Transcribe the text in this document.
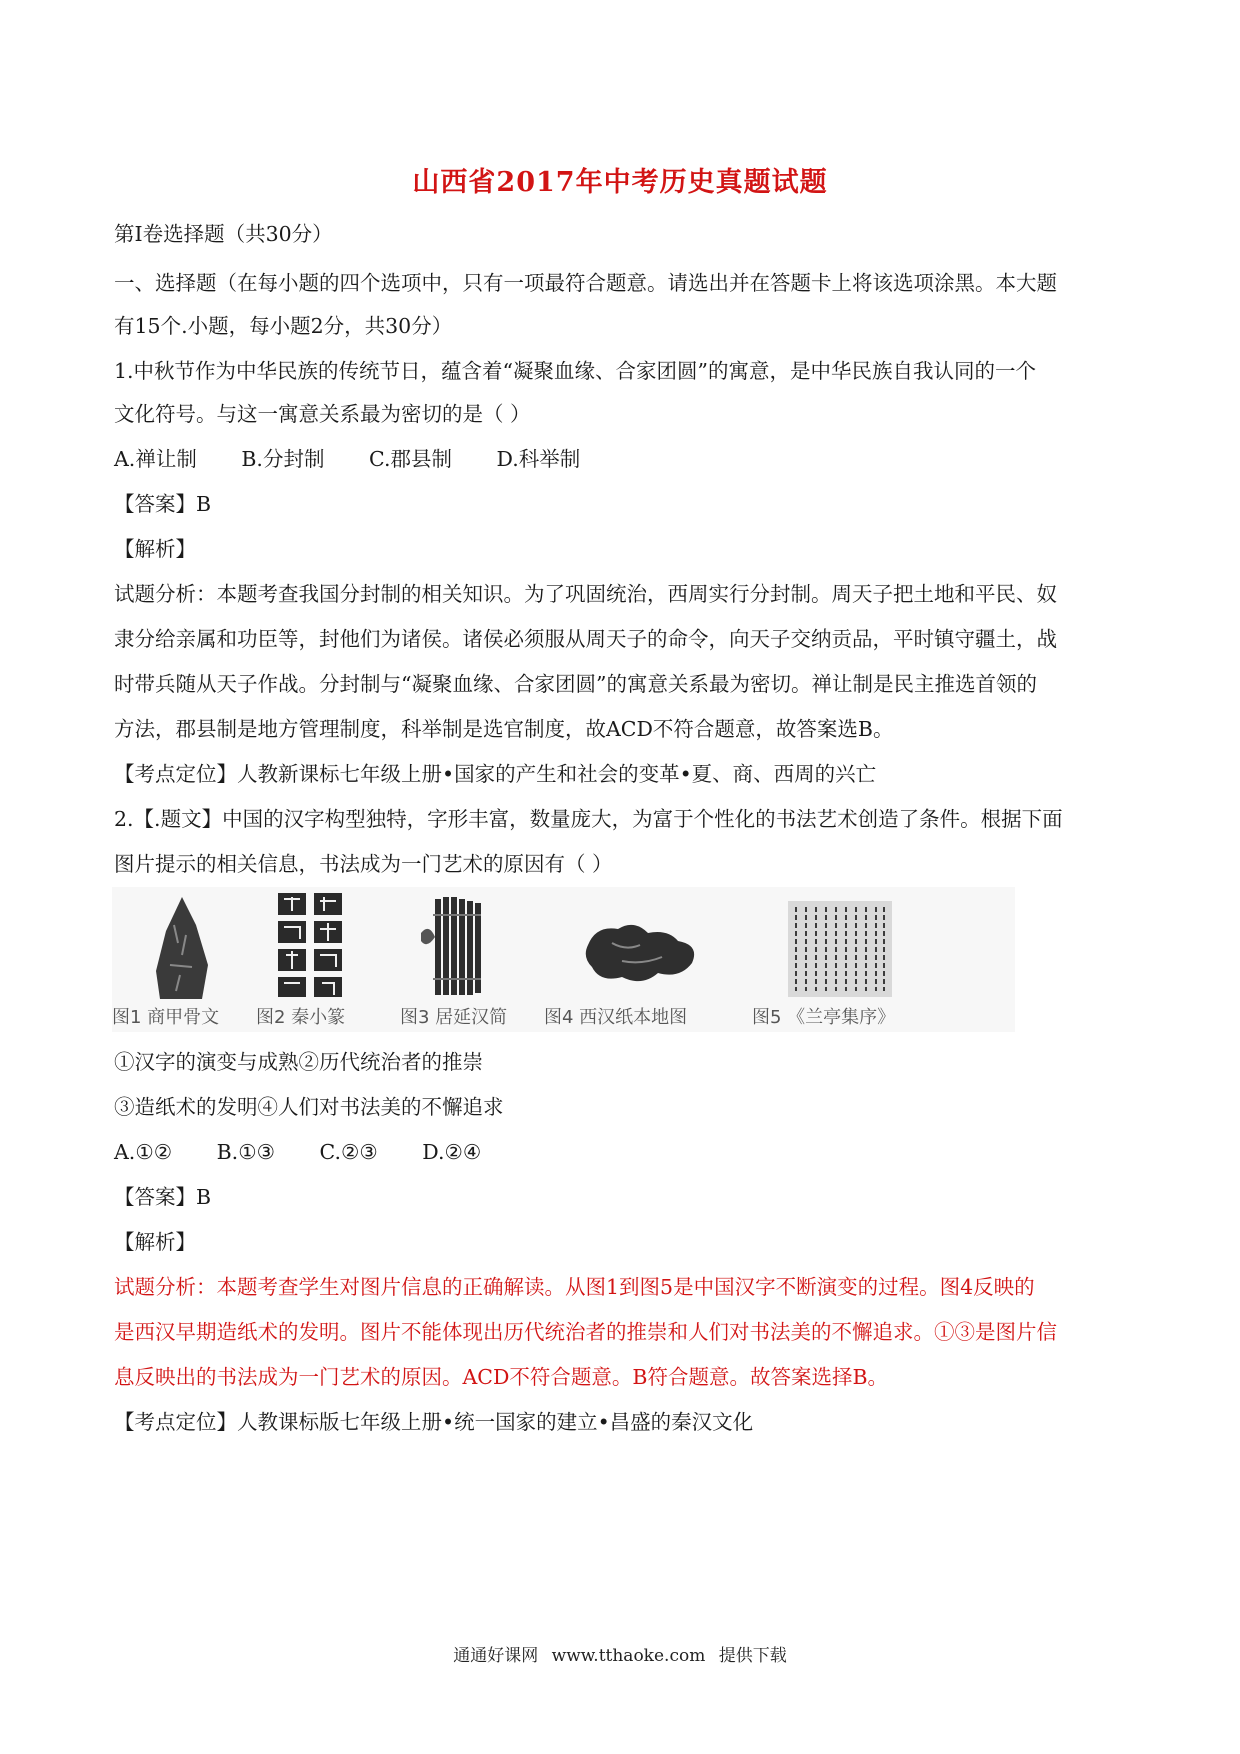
山西省2017年中考历史真题试题
第I卷选择题（共30分）
一、选择题（在每小题的四个选项中，只有一项最符合题意。请选出并在答题卡上将该选项涂黑。本大题
有15个.小题，每小题2分，共30分）
1.中秋节作为中华民族的传统节日，蕴含着“凝聚血缘、合家团圆”的寓意，是中华民族自我认同的一个
文化符号。与这一寓意关系最为密切的是（ ）
A.禅让制 B.分封制 C.郡县制 D.科举制
【答案】B
【解析】
试题分析：本题考查我国分封制的相关知识。为了巩固统治，西周实行分封制。周天子把土地和平民、奴
隶分给亲属和功臣等，封他们为诸侯。诸侯必须服从周天子的命令，向天子交纳贡品，平时镇守疆土，战
时带兵随从天子作战。分封制与“凝聚血缘、合家团圆”的寓意关系最为密切。禅让制是民主推选首领的
方法，郡县制是地方管理制度，科举制是选官制度，故ACD不符合题意，故答案选B。
【考点定位】人教新课标七年级上册•国家的产生和社会的变革•夏、商、西周的兴亡
2.【.题文】中国的汉字构型独特，字形丰富，数量庞大，为富于个性化的书法艺术创造了条件。根据下面
图片提示的相关信息，书法成为一门艺术的原因有（ ）
图1 商甲骨文 图2 秦小篆	图3 居延汉简 图4 西汉纸本地图	图5 《兰亭集序》
①汉字的演变与成熟②历代统治者的推崇
③造纸术的发明④人们对书法美的不懈追求
A.①② B.①③ C.②③ D.②④
【答案】B
【解析】
试题分析：本题考查学生对图片信息的正确解读。从图1到图5是中国汉字不断演变的过程。图4反映的
是西汉早期造纸术的发明。图片不能体现出历代统治者的推崇和人们对书法美的不懈追求。①③是图片信
息反映出的书法成为一门艺术的原因。ACD不符合题意。B符合题意。故答案选择B。
【考点定位】人教课标版七年级上册•统一国家的建立•昌盛的秦汉文化
通通好课网 www.tthaoke.com 提供下载
